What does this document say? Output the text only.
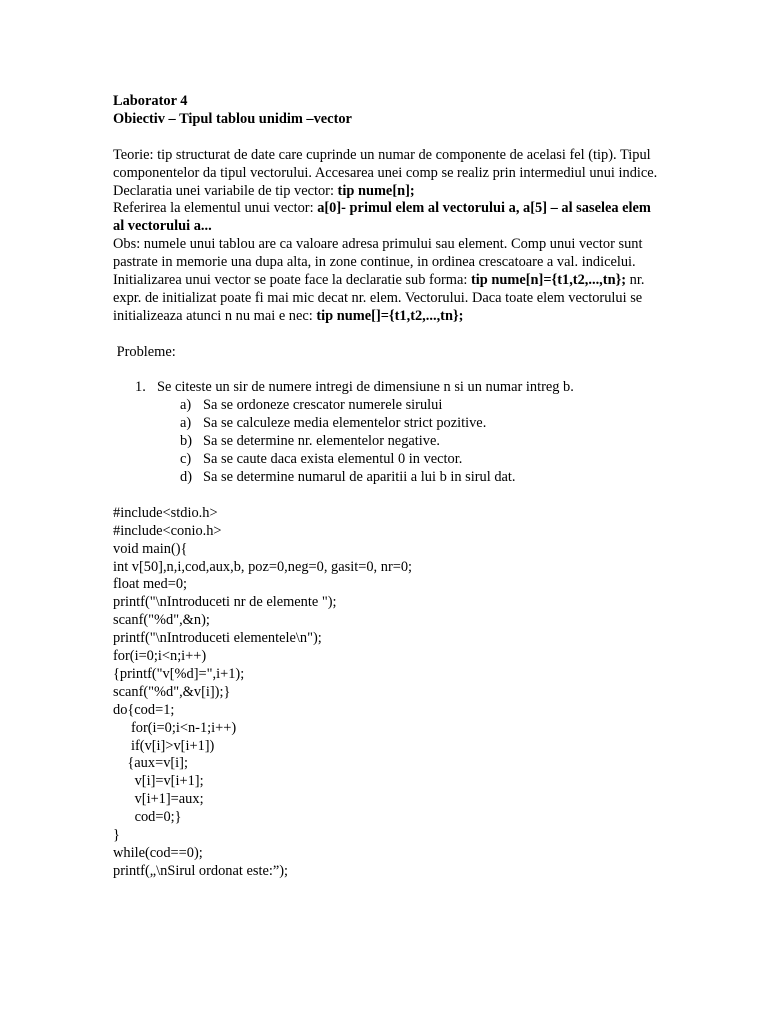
Laborator 4
Obiectiv – Tipul tablou unidim –vector
Teorie: tip structurat de date care cuprinde un numar de componente de acelasi fel (tip). Tipul componentelor da tipul vectorului. Accesarea unei comp se realiz prin intermediul unui indice.
Declaratia unei variabile de tip vector: tip nume[n];
Referirea la elementul unui vector: a[0]- primul elem al vectorului a, a[5] – al saselea elem al vectorului a...
Obs: numele unui tablou are ca valoare adresa primului sau element. Comp unui vector sunt pastrate in memorie una dupa alta, in zone continue, in ordinea crescatoare a val. indicelui.
Initializarea unui vector se poate face la declaratie sub forma: tip nume[n]={t1,t2,...,tn}; nr. expr. de initializat poate fi mai mic decat nr. elem. Vectorului. Daca toate elem vectorului se initializeaza atunci n nu mai e nec: tip nume[]={t1,t2,...,tn};
Probleme:
1. Se citeste un sir de numere intregi de dimensiune n si un numar intreg b.
a) Sa se ordoneze crescator numerele sirului
a) Sa se calculeze media elementelor strict pozitive.
b) Sa se determine nr. elementelor negative.
c) Sa se caute daca exista elementul 0 in vector.
d) Sa se determine numarul de aparitii a lui b in sirul dat.
#include<stdio.h>
#include<conio.h>
void main(){
int v[50],n,i,cod,aux,b, poz=0,neg=0, gasit=0, nr=0;
float med=0;
printf("\nIntroduceti nr de elemente ");
scanf("%d",&n);
printf("\nIntroduceti elementele\n");
for(i=0;i<n;i++)
{printf("v[%d]=",i+1);
scanf("%d",&v[i]);}
do{cod=1;
for(i=0;i<n-1;i++)
if(v[i]>v[i+1])
{aux=v[i];
v[i]=v[i+1];
v[i+1]=aux;
cod=0;}
}
while(cod==0);
printf(„\nSirul ordonat este:”);
